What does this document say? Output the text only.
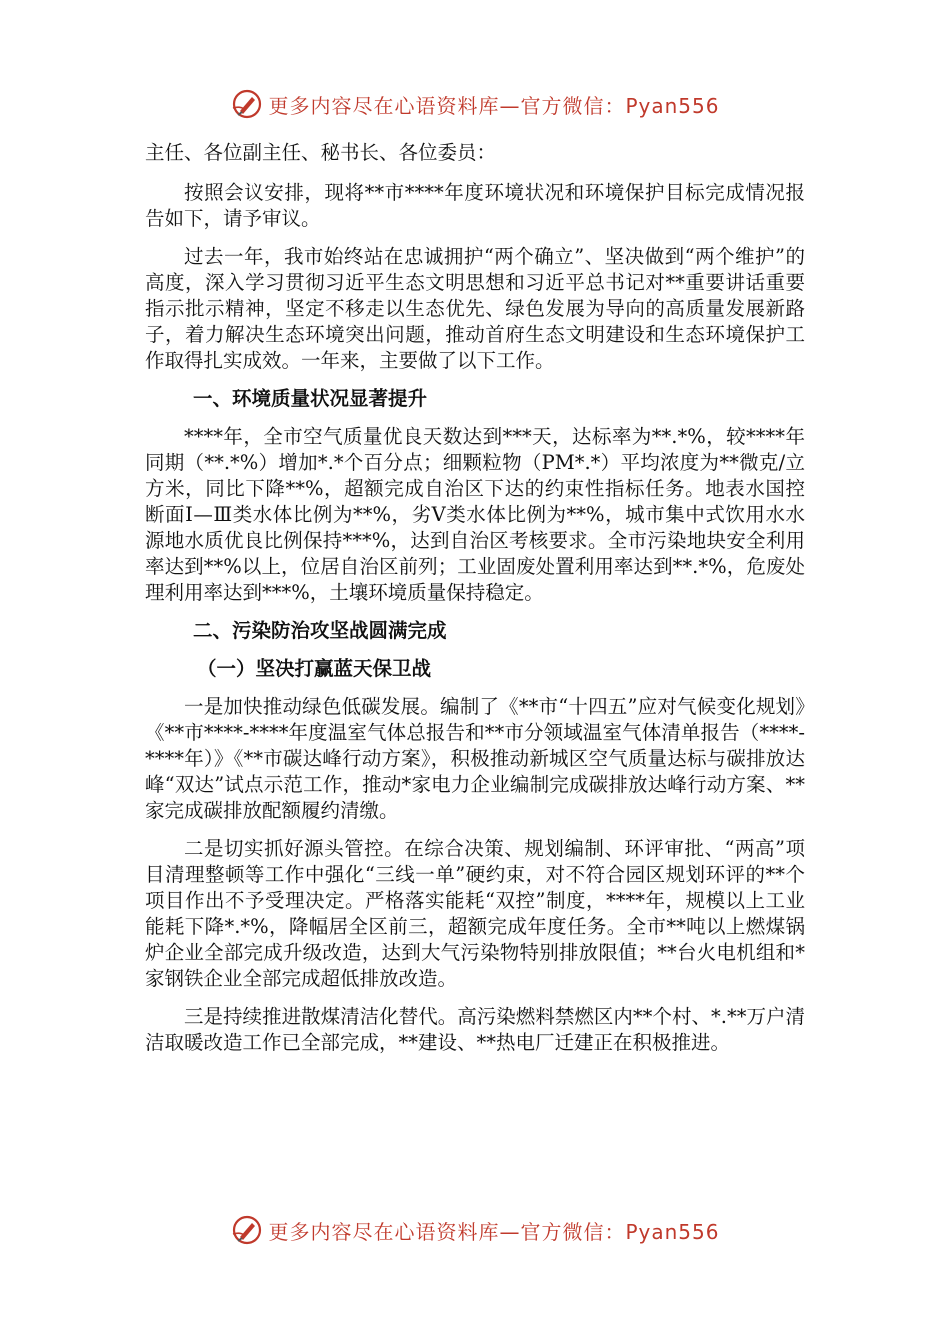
更多内容尽在心语资料库—官方微信：Pyan556

主任、各位副主任、秘书长、各位委员：

按照会议安排，现将**市****年度环境状况和环境保护目标完成情况报告如下，请予审议。

过去一年，我市始终站在忠诚拥护“两个确立”、坚决做到“两个维护”的高度，深入学习贯彻习近平生态文明思想和习近平总书记对**重要讲话重要指示批示精神，坚定不移走以生态优先、绿色发展为导向的高质量发展新路子，着力解决生态环境突出问题，推动首府生态文明建设和生态环境保护工作取得扎实成效。一年来，主要做了以下工作。

一、环境质量状况显著提升

****年，全市空气质量优良天数达到***天，达标率为**.*%，较****年同期（**.*%）增加*.*个百分点；细颗粒物（PM*.*）平均浓度为**微克/立方米，同比下降**%，超额完成自治区下达的约束性指标任务。地表水国控断面Ⅰ—Ⅲ类水体比例为**%，劣Ⅴ类水体比例为**%，城市集中式饮用水水源地水质优良比例保持***%，达到自治区考核要求。全市污染地块安全利用率达到**%以上，位居自治区前列；工业固废处置利用率达到**.*%，危废处理利用率达到***%，土壤环境质量保持稳定。

二、污染防治攻坚战圆满完成

（一）坚决打赢蓝天保卫战

一是加快推动绿色低碳发展。编制了《**市“十四五”应对气候变化规划》《**市****-****年度温室气体总报告和**市分领域温室气体清单报告（****-****年）》《**市碳达峰行动方案》，积极推动新城区空气质量达标与碳排放达峰“双达”试点示范工作，推动*家电力企业编制完成碳排放达峰行动方案、**家完成碳排放配额履约清缴。

二是切实抓好源头管控。在综合决策、规划编制、环评审批、“两高”项目清理整顿等工作中强化“三线一单”硬约束，对不符合园区规划环评的**个项目作出不予受理决定。严格落实能耗“双控”制度，****年，规模以上工业能耗下降*.*%，降幅居全区前三，超额完成年度任务。全市**吨以上燃煤锅炉企业全部完成升级改造，达到大气污染物特别排放限值；**台火电机组和*家钢铁企业全部完成超低排放改造。

三是持续推进散煤清洁化替代。高污染燃料禁燃区内**个村、*.**万户清洁取暖改造工作已全部完成，**建设、**热电厂迁建正在积极推进。

更多内容尽在心语资料库—官方微信：Pyan556
